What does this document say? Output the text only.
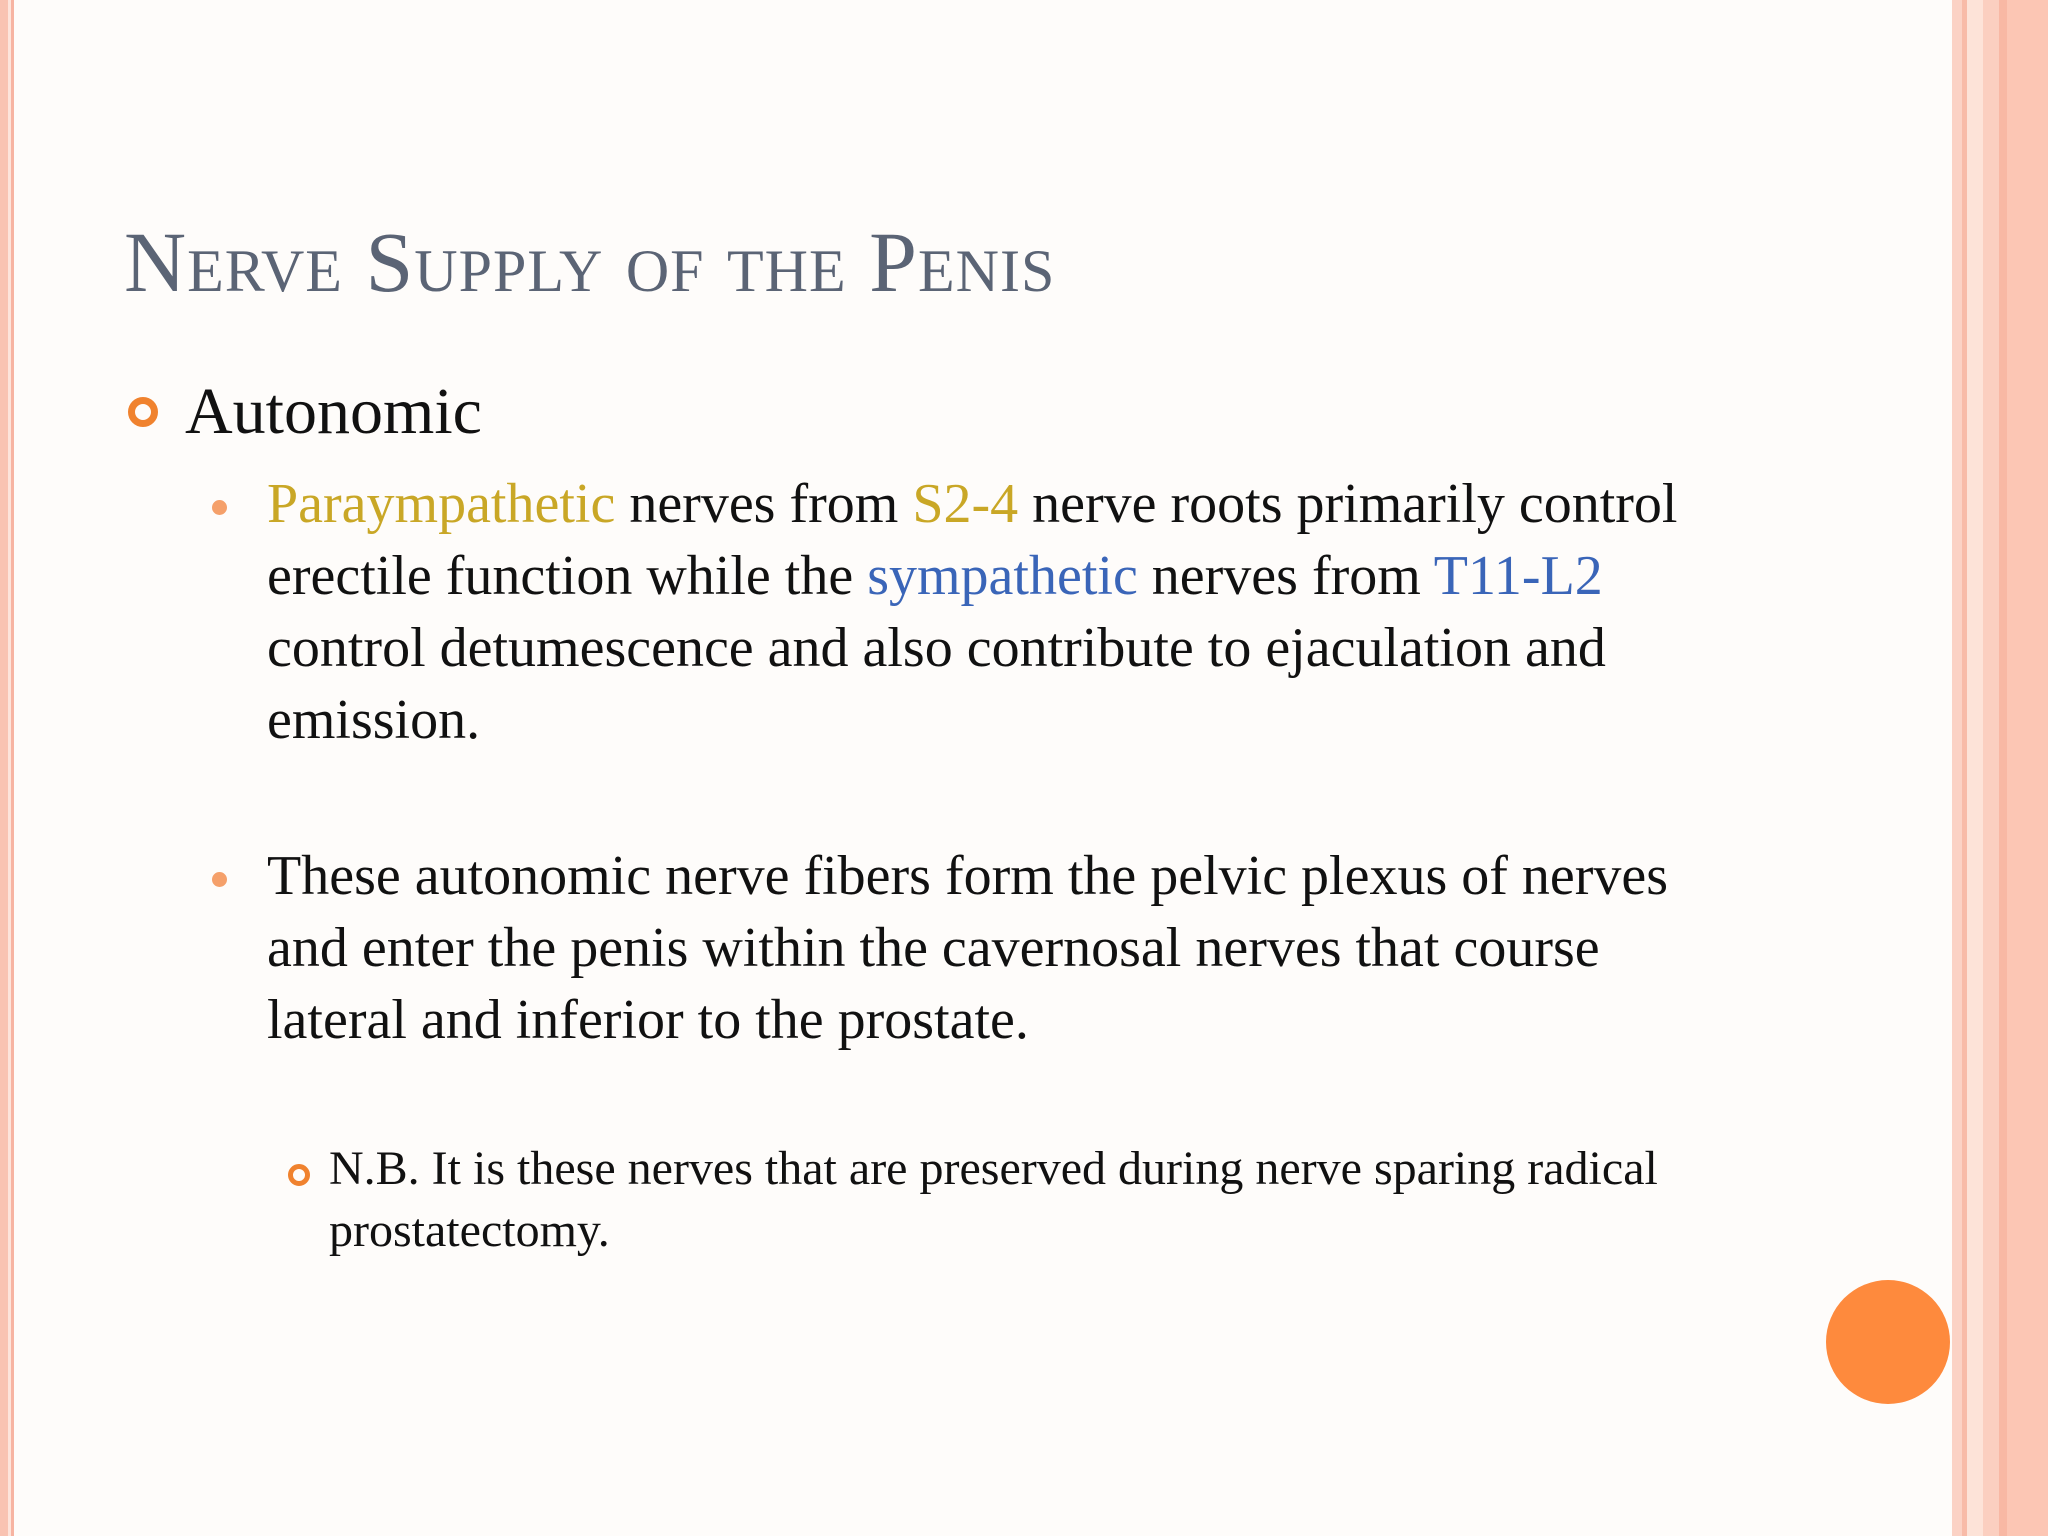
Nerve Supply of the Penis
Autonomic
Paraympathetic nerves from S2-4 nerve roots primarily control erectile function while the sympathetic nerves from T11-L2 control detumescence and also contribute to ejaculation and emission.
These autonomic nerve fibers form the pelvic plexus of nerves and enter the penis within the cavernosal nerves that course lateral and inferior to the prostate.
N.B. It is these nerves that are preserved during nerve sparing radical prostatectomy.
